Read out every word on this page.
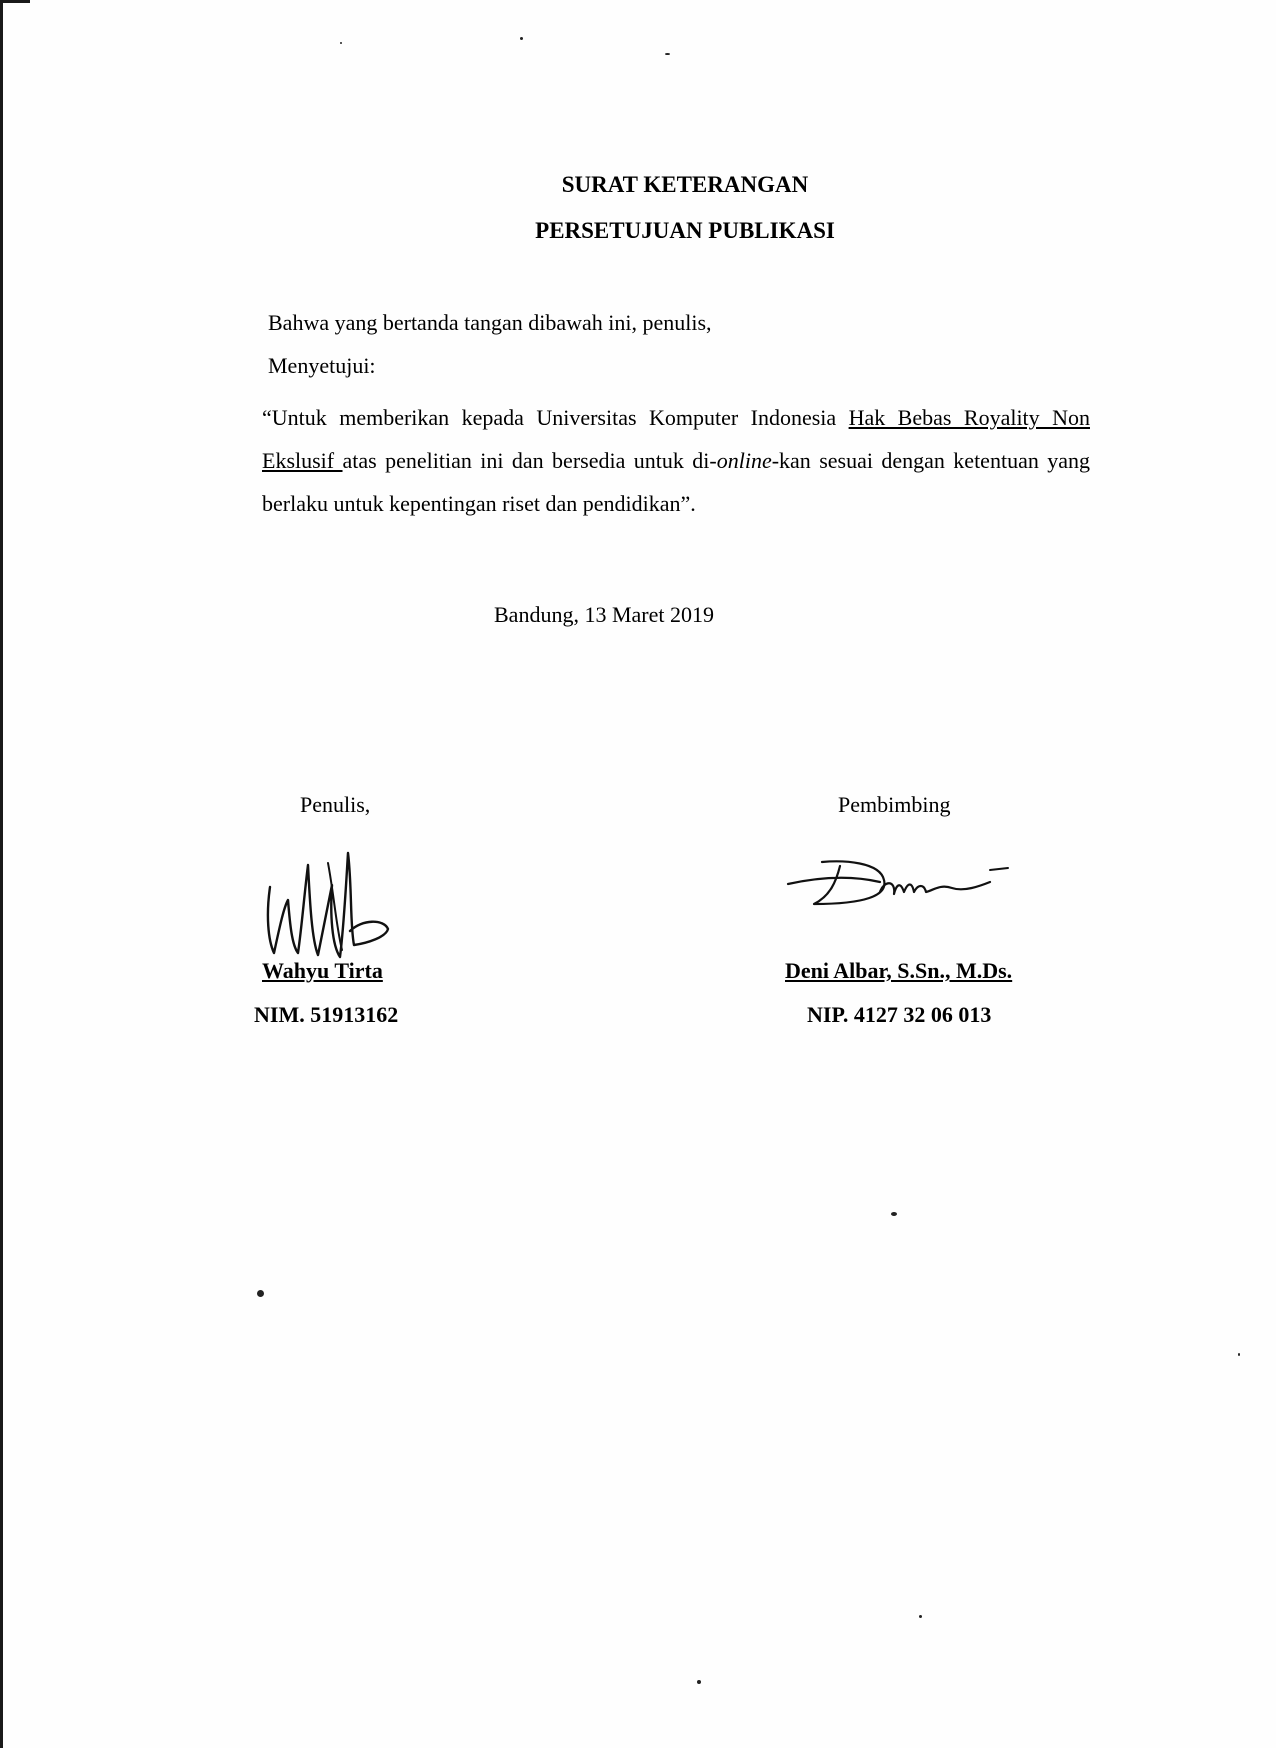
SURAT KETERANGAN
PERSETUJUAN PUBLIKASI
Bahwa yang bertanda tangan dibawah ini, penulis,
Menyetujui:
“Untuk memberikan kepada Universitas Komputer Indonesia Hak Bebas Royality Non Ekslusif atas penelitian ini dan bersedia untuk di-online-kan sesuai dengan ketentuan yang berlaku untuk kepentingan riset dan pendidikan”.
Bandung, 13 Maret 2019
Penulis,	Pembimbing
Wahyu Tirta	Deni Albar, S.Sn., M.Ds.
NIM. 51913162	NIP. 4127 32 06 013
